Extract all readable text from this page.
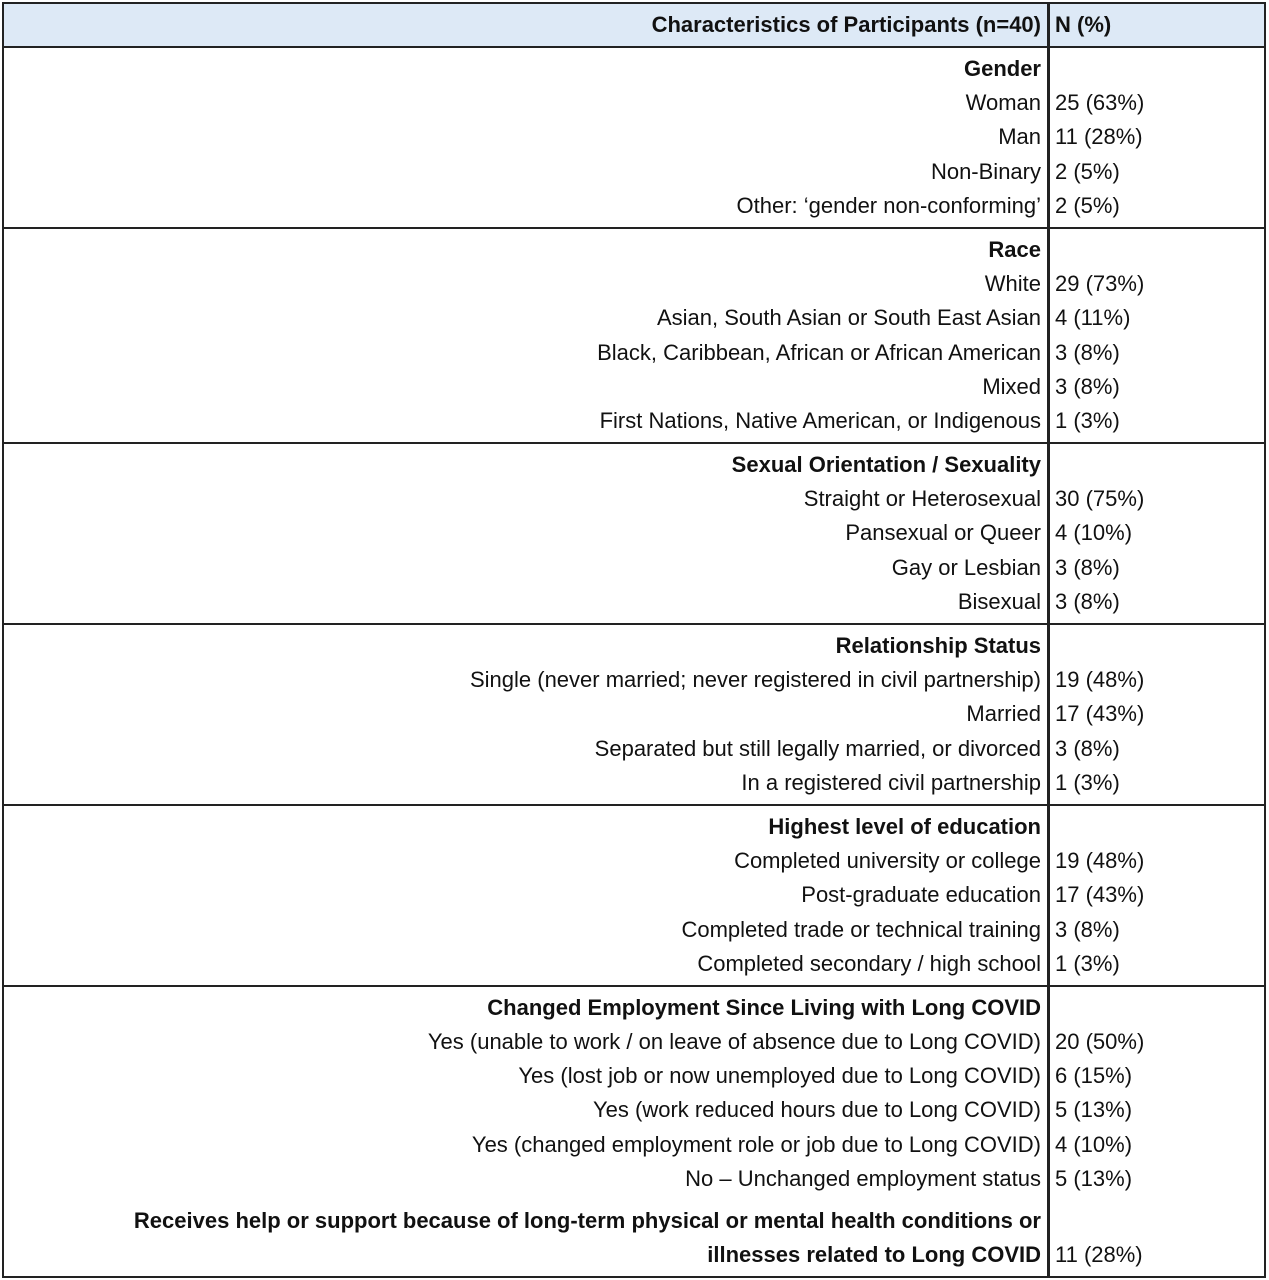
Characteristics of Participants (n=40) N (%)
Gender
Woman
Man
Non-Binary
Other: ‘gender non-conforming’

25 (63%)
11 (28%)
2 (5%)
2 (5%)
Race
White
Asian, South Asian or South East Asian
Black, Caribbean, African or African American
Mixed
First Nations, Native American, or Indigenous

29 (73%)
4 (11%)
3 (8%)
3 (8%)
1 (3%)
Sexual Orientation / Sexuality
Straight or Heterosexual
Pansexual or Queer
Gay or Lesbian
Bisexual

30 (75%)
4 (10%)
3 (8%)
3 (8%)
Relationship Status
Single (never married; never registered in civil partnership)
Married
Separated but still legally married, or divorced
In a registered civil partnership

19 (48%)
17 (43%)
3 (8%)
1 (3%)
Highest level of education
Completed university or college
Post-graduate education
Completed trade or technical training
Completed secondary / high school

19 (48%)
17 (43%)
3 (8%)
1 (3%)
Changed Employment Since Living with Long COVID
Yes (unable to work / on leave of absence due to Long COVID)
Yes (lost job or now unemployed due to Long COVID)
Yes (work reduced hours due to Long COVID)
Yes (changed employment role or job due to Long COVID)
No – Unchanged employment status

20 (50%)
6 (15%)
5 (13%)
4 (10%)
5 (13%)
Receives help or support because of long-term physical or mental health conditions or
illnesses related to Long COVID
11 (28%)
